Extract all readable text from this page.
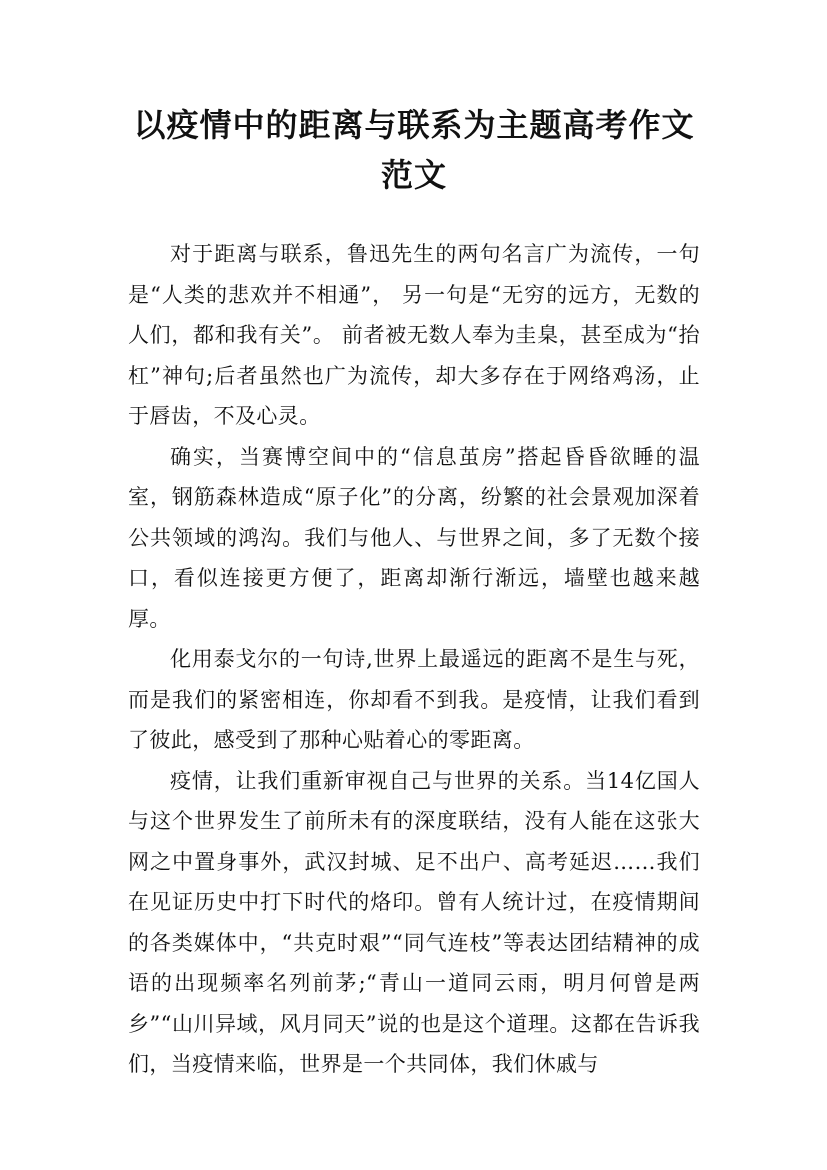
以疫情中的距离与联系为主题高考作文范文

对于距离与联系，鲁迅先生的两句名言广为流传，一句是“人类的悲欢并不相通”， 另一句是“无穷的远方，无数的人们，都和我有关”。 前者被无数人奉为圭臬，甚至成为“抬杠”神句;后者虽然也广为流传，却大多存在于网络鸡汤，止于唇齿，不及心灵。

确实，当赛博空间中的“信息茧房”搭起昏昏欲睡的温室，钢筋森林造成“原子化”的分离，纷繁的社会景观加深着公共领域的鸿沟。我们与他人、与世界之间，多了无数个接口，看似连接更方便了，距离却渐行渐远，墙壁也越来越厚。

化用泰戈尔的一句诗,世界上最遥远的距离不是生与死，而是我们的紧密相连，你却看不到我。是疫情，让我们看到了彼此，感受到了那种心贴着心的零距离。

疫情，让我们重新审视自己与世界的关系。当14亿国人与这个世界发生了前所未有的深度联结，没有人能在这张大网之中置身事外，武汉封城、足不出户、高考延迟……我们在见证历史中打下时代的烙印。曾有人统计过，在疫情期间的各类媒体中，“共克时艰”“同气连枝”等表达团结精神的成语的出现频率名列前茅;“青山一道同云雨，明月何曾是两乡”“山川异域，风月同天”说的也是这个道理。这都在告诉我们，当疫情来临，世界是一个共同体，我们休戚与
